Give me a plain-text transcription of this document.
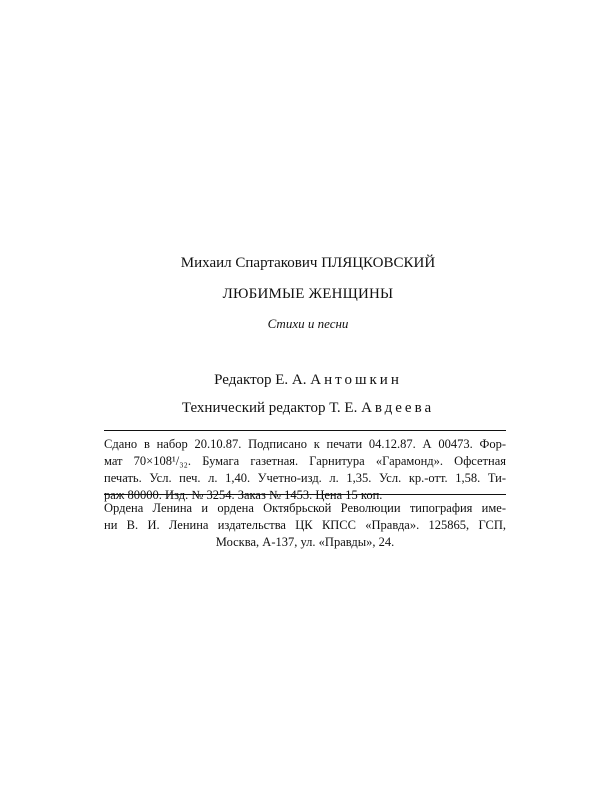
Михаил Спартакович ПЛЯЦКОВСКИЙ
ЛЮБИМЫЕ ЖЕНЩИНЫ
Стихи и песни
Редактор Е. А. Антошкин
Технический редактор Т. Е. Авдеева
Сдано в набор 20.10.87. Подписано к печати 04.12.87. А 00473. Фор-
мат 70×108¹/₃₂. Бумага газетная. Гарнитура «Гарамонд». Офсетная
печать. Усл. печ. л. 1,40. Учетно-изд. л. 1,35. Усл. кр.-отт. 1,58. Ти-
раж 80000. Изд. № 3254. Заказ № 1453. Цена 15 коп.
Ордена Ленина и ордена Октябрьской Революции типография име-
ни В. И. Ленина издательства ЦК КПСС «Правда». 125865, ГСП,
Москва, А-137, ул. «Правды», 24.
